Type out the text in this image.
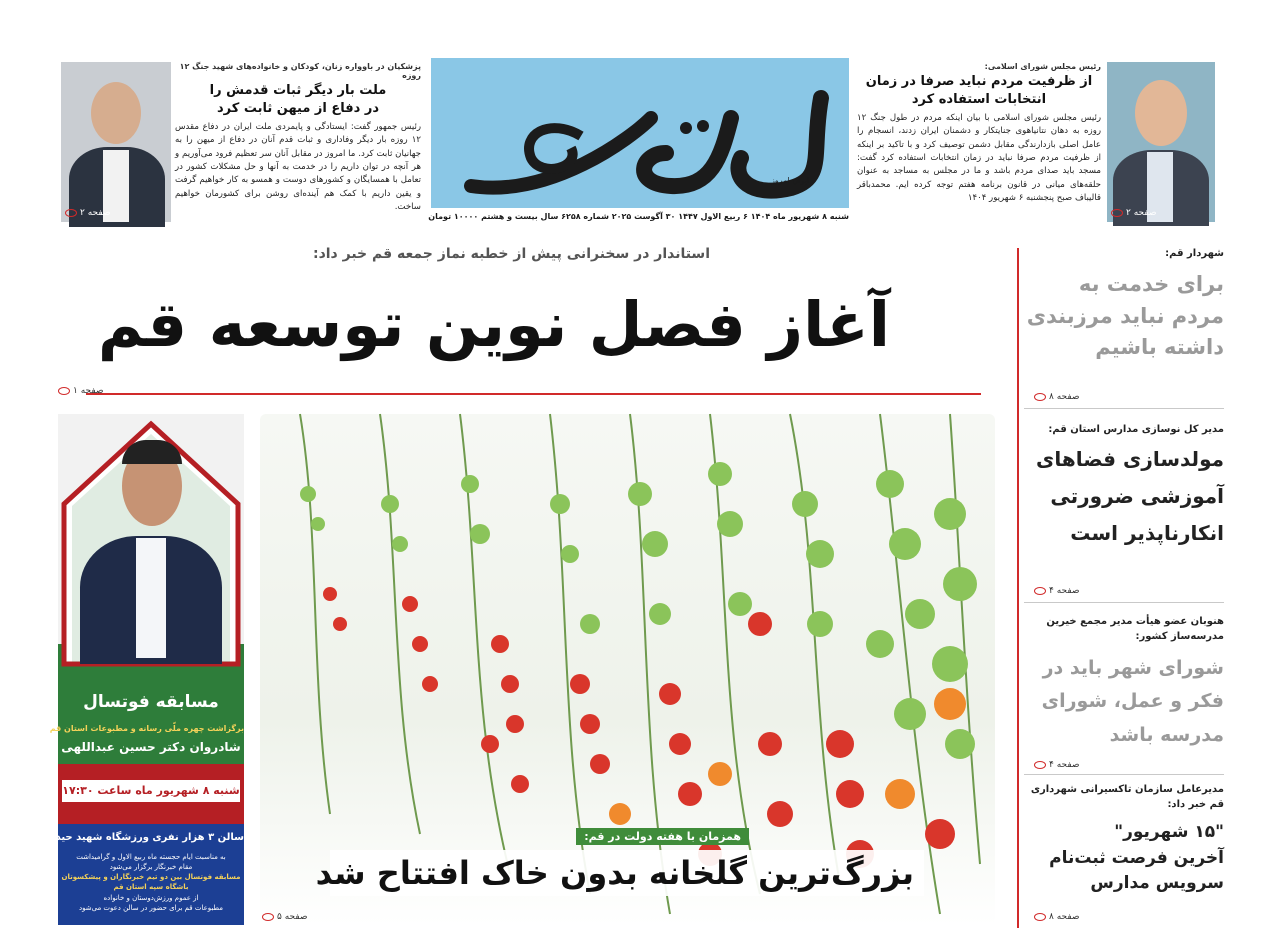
صفحه ۲
پزشکیان در باوواره زنان، کودکان و خانواده‌های شهید جنگ ۱۲ روزه
ملت بار دیگر ثبات قدمش را
در دفاع از میهن ثابت کرد
رئیس جمهور گفت: ایستادگی و پایمردی ملت ایران در دفاع مقدس ۱۲ روزه بار دیگر وفاداری و ثبات قدم آنان در دفاع از میهن را به جهانیان ثابت کرد. ما امروز در مقابل آنان سر تعظیم فرود می‌آوریم و هر آنچه در توان داریم را در خدمت به آنها و حل مشکلات کشور در تعامل با همسایگان و کشورهای دوست و همسو به کار خواهیم گرفت و یقین داریم با کمک هم آینده‌ای روشن برای کشورمان خواهیم ساخت.
ایران امروز
شنبه ۸ شهریور ماه ۱۴۰۴ ۶ ربیع الاول ۱۴۴۷ ۳۰ آگوست ۲۰۲۵ شماره ۶۲۵۸ سال بیست و هشتم ۱۰۰۰۰ تومان	صفحه ۲
رئیس مجلس شورای اسلامی:
از ظرفیت مردم نباید صرفا در زمان
انتخابات استفاده کرد
رئیس مجلس شورای اسلامی با بیان اینکه مردم در طول جنگ ۱۲ روزه به دهان نتانیاهوی جنایتکار و دشمنان ایران زدند، انسجام را عامل اصلی بازدارندگی مقابل دشمن توصیف کرد و با تاکید بر اینکه از ظرفیت مردم صرفا نباید در زمان انتخابات استفاده کرد گفت: مسجد باید صدای مردم باشد و ما در مجلس به مساجد به عنوان حلقه‌های میانی در قانون برنامه هفتم توجه کرده ایم. محمدباقر قالیباف صبح پنجشنبه ۶ شهریور ۱۴۰۴
استاندار در سخنرانی پیش از خطبه نماز جمعه قم خبر داد:
آغاز فصل نوین توسعه قم
صفحه ۱
مسابقه فوتسال
برگزاشت چهره ملّی رسانه و مطبوعات استان قم
شادروان دکتر حسین عبداللهی
شنبه ۸ شهریور ماه ساعت ۱۷:۳۰
سالن ۳ هزار نفری ورزشگاه شهید حیدریان
به مناسبت ایام حجسته ماه ربیع الاول و گرامیداشت
مقام خبرنگار برگزار می‌شود
مسابقه فوتسال بین دو تیم خبرنگاران و پیشکسوتان
باشگاه سپه استان قم
از عموم ورزش‌دوستان و خانواده
مطبوعات قم برای حضور در سالن دعوت می‌شود
همزمان با هفته دولت در قم:
بزرگ‌ترین گلخانه بدون خاک افتتاح شد
صفحه ۵
شهردار قم:
برای خدمت به مردم نباید مرزبندی داشته باشیم
صفحه ۸
مدیر کل نوسازی مدارس استان قم:
مولدسازی فضاهای آموزشی ضرورتی انکارناپذیر است
صفحه ۴
هنوبان عضو هیأت مدیر مجمع خیرین مدرسه‌ساز کشور:
شورای شهر باید در فکر و عمل، شورای مدرسه باشد
صفحه ۴
مدیرعامل سازمان تاکسیرانی شهرداری قم خبر داد:
"۱۵ شهریور"
آخرین فرصت ثبت‌نام سرویس مدارس
صفحه ۸
